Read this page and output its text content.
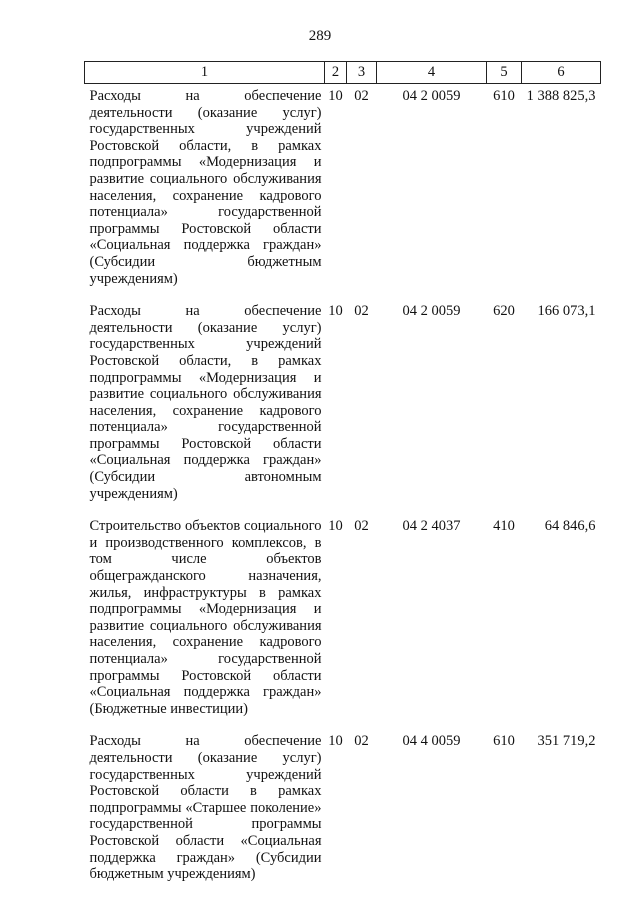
289
1	2	3	4	5	6
Расходы на обеспечение деятельности (оказание услуг) государственных учреждений Ростовской области, в рамках подпрограммы «Модернизация и развитие социального обслуживания населения, сохранение кадрового потенциала» государственной программы Ростовской области «Социальная поддержка граждан» (Субсидии бюджетным учреждениям)	10	02	04 2 0059	610	1 388 825,3
Расходы на обеспечение деятельности (оказание услуг) государственных учреждений Ростовской области, в рамках подпрограммы «Модернизация и развитие социального обслуживания населения, сохранение кадрового потенциала» государственной программы Ростовской области «Социальная поддержка граждан» (Субсидии автономным учреждениям)	10	02	04 2 0059	620	166 073,1
Строительство объектов социального и производственного комплексов, в том числе объектов общегражданского назначения, жилья, инфраструктуры в рамках подпрограммы «Модернизация и развитие социального обслуживания населения, сохранение кадрового потенциала» государственной программы Ростовской области «Социальная поддержка граждан» (Бюджетные инвестиции)	10	02	04 2 4037	410	64 846,6
Расходы на обеспечение деятельности (оказание услуг) государственных учреждений Ростовской области в рамках подпрограммы «Старшее поколение» государственной программы Ростовской области «Социальная поддержка граждан» (Субсидии бюджетным учреждениям)	10	02	04 4 0059	610	351 719,2
